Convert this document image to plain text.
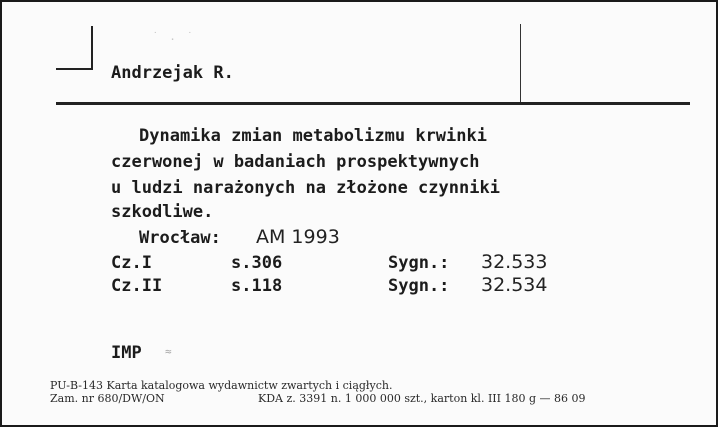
˙ . ˙
Andrzejak R.
Dynamika zmian metabolizmu krwinki
czerwonej w badaniach prospektywnych
u ludzi narażonych na złożone czynniki
szkodliwe.
Wrocław: AM 1993
Cz.I	s.306	Sygn.: 32.533
Cz.II	s.118	Sygn.: 32.534
IMP ≈
PU-B-143 Karta katalogowa wydawnictw zwartych i ciągłych.
Zam. nr 680/DW/ON	KDA z. 3391 n. 1 000 000 szt., karton kl. III 180 g — 86 09
